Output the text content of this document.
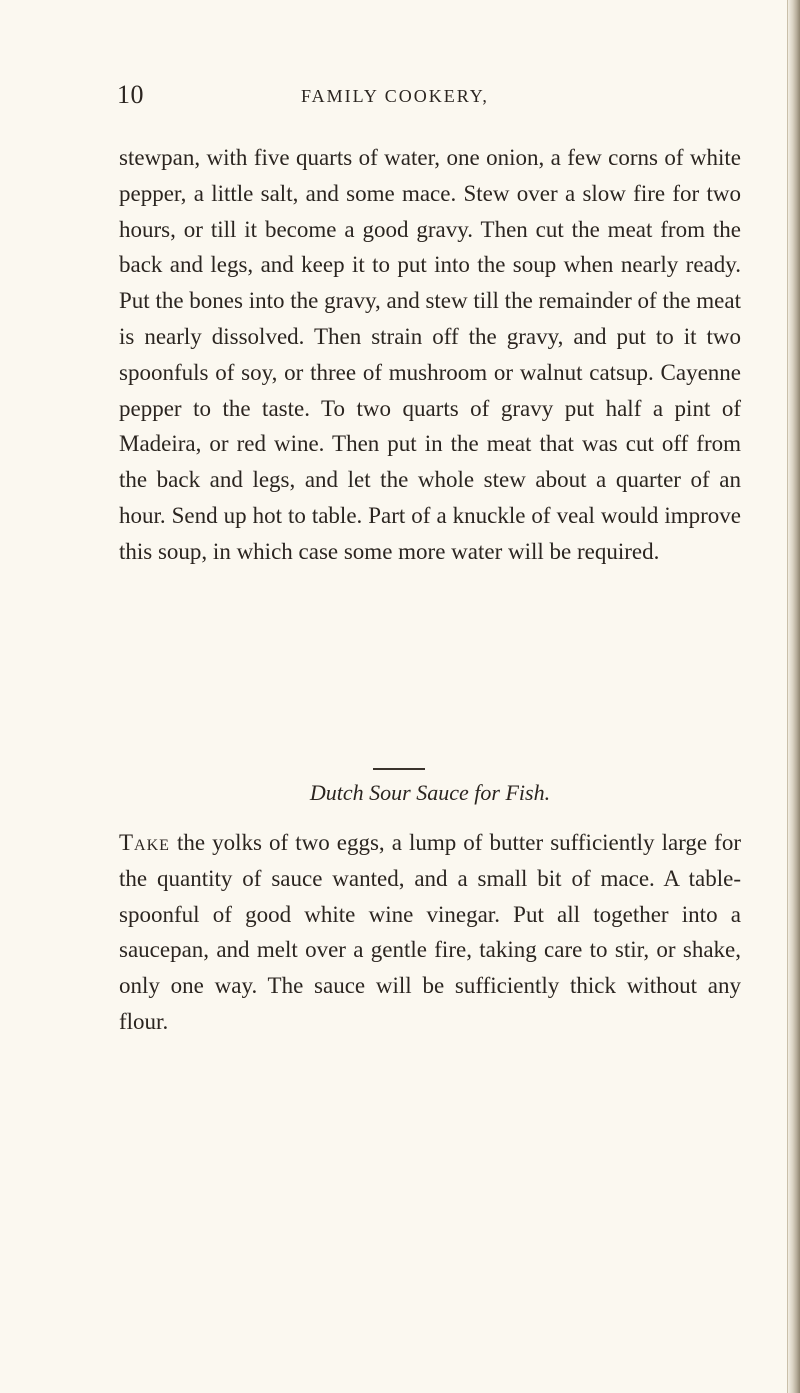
10	FAMILY COOKERY,

stewpan, with five quarts of water, one onion, a few corns of white pepper, a little salt, and some mace. Stew over a slow fire for two hours, or till it become a good gravy. Then cut the meat from the back and legs, and keep it to put into the soup when nearly ready. Put the bones into the gravy, and stew till the remainder of the meat is nearly dissolved. Then strain off the gravy, and put to it two spoonfuls of soy, or three of mushroom or walnut catsup. Cayenne pepper to the taste. To two quarts of gravy put half a pint of Madeira, or red wine. Then put in the meat that was cut off from the back and legs, and let the whole stew about a quarter of an hour. Send up hot to table. Part of a knuckle of veal would improve this soup, in which case some more water will be required.

Dutch Sour Sauce for Fish.

Take the yolks of two eggs, a lump of butter sufficiently large for the quantity of sauce wanted, and a small bit of mace. A table-spoonful of good white wine vinegar. Put all together into a saucepan, and melt over a gentle fire, taking care to stir, or shake, only one way. The sauce will be sufficiently thick without any flour.
